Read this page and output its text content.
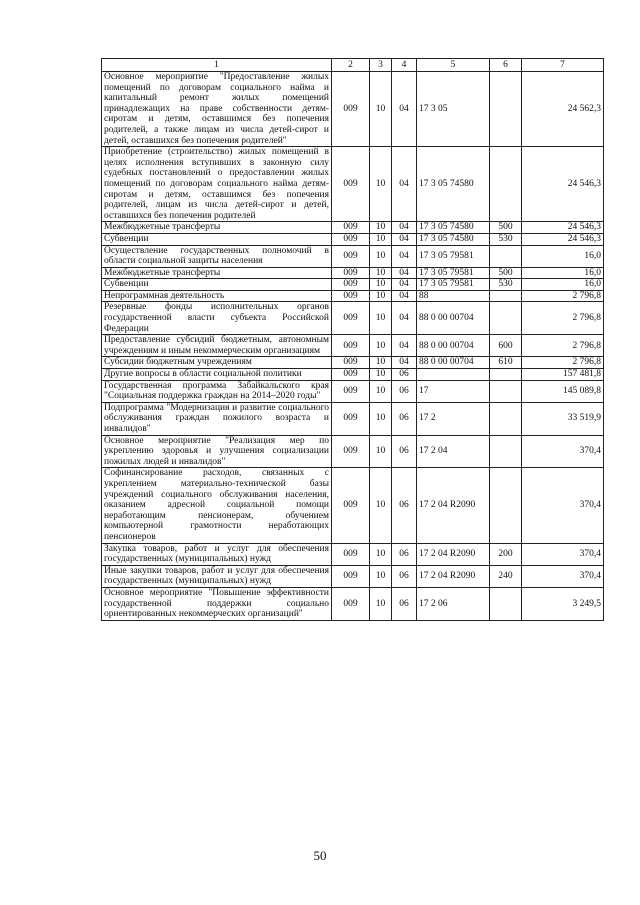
1	2	3	4	5	6	7
Основное мероприятие "Предоставление жилых помещений по договорам социального найма и капитальный ремонт жилых помещений принадлежащих на праве собственности детям-сиротам и детям, оставшимся без попечения родителей, а также лицам из числа детей-сирот и детей, оставшихся без попечения родителей"	009	10	04	17 3 05		24 562,3
Приобретение (строительство) жилых помещений в целях исполнения вступивших в законную силу судебных постановлений о предоставлении жилых помещений по договорам социального найма детям-сиротам и детям, оставшимся без попечения родителей, лицам из числа детей-сирот и детей, оставшихся без попечения родителей	009	10	04	17 3 05 74580		24 546,3
Межбюджетные трансферты	009	10	04	17 3 05 74580	500	24 546,3
Субвенции	009	10	04	17 3 05 74580	530	24 546,3
Осуществление государственных полномочий в области социальной защиты населения	009	10	04	17 3 05 79581		16,0
Межбюджетные трансферты	009	10	04	17 3 05 79581	500	16,0
Субвенции	009	10	04	17 3 05 79581	530	16,0
Непрограммная деятельность	009	10	04	88		2 796,8
Резервные фонды исполнительных органов государственной власти субъекта Российской Федерации	009	10	04	88 0 00 00704		2 796,8
Предоставление субсидий бюджетным, автономным учреждениям и иным некоммерческим организациям	009	10	04	88 0 00 00704	600	2 796,8
Субсидии бюджетным учреждениям	009	10	04	88 0 00 00704	610	2 796,8
Другие вопросы в области социальной политики	009	10	06			157 481,8
Государственная программа Забайкальского края "Социальная поддержка граждан на 2014–2020 годы"	009	10	06	17		145 089,8
Подпрограмма "Модернизация и развитие социального обслуживания граждан пожилого возраста и инвалидов"	009	10	06	17 2		33 519,9
Основное мероприятие "Реализация мер по укреплению здоровья и улучшения социализации пожилых людей и инвалидов"	009	10	06	17 2 04		370,4
Софинансирование расходов, связанных с укреплением материально-технической базы учреждений социального обслуживания населения, оказанием адресной социальной помощи неработающим пенсионерам, обучением компьютерной грамотности неработающих пенсионеров	009	10	06	17 2 04 R2090		370,4
Закупка товаров, работ и услуг для обеспечения государственных (муниципальных) нужд	009	10	06	17 2 04 R2090	200	370,4
Иные закупки товаров, работ и услуг для обеспечения государственных (муниципальных) нужд	009	10	06	17 2 04 R2090	240	370,4
Основное мероприятие "Повышение эффективности государственной поддержки социально ориентированных некоммерческих организаций"	009	10	06	17 2 06		3 249,5
50
